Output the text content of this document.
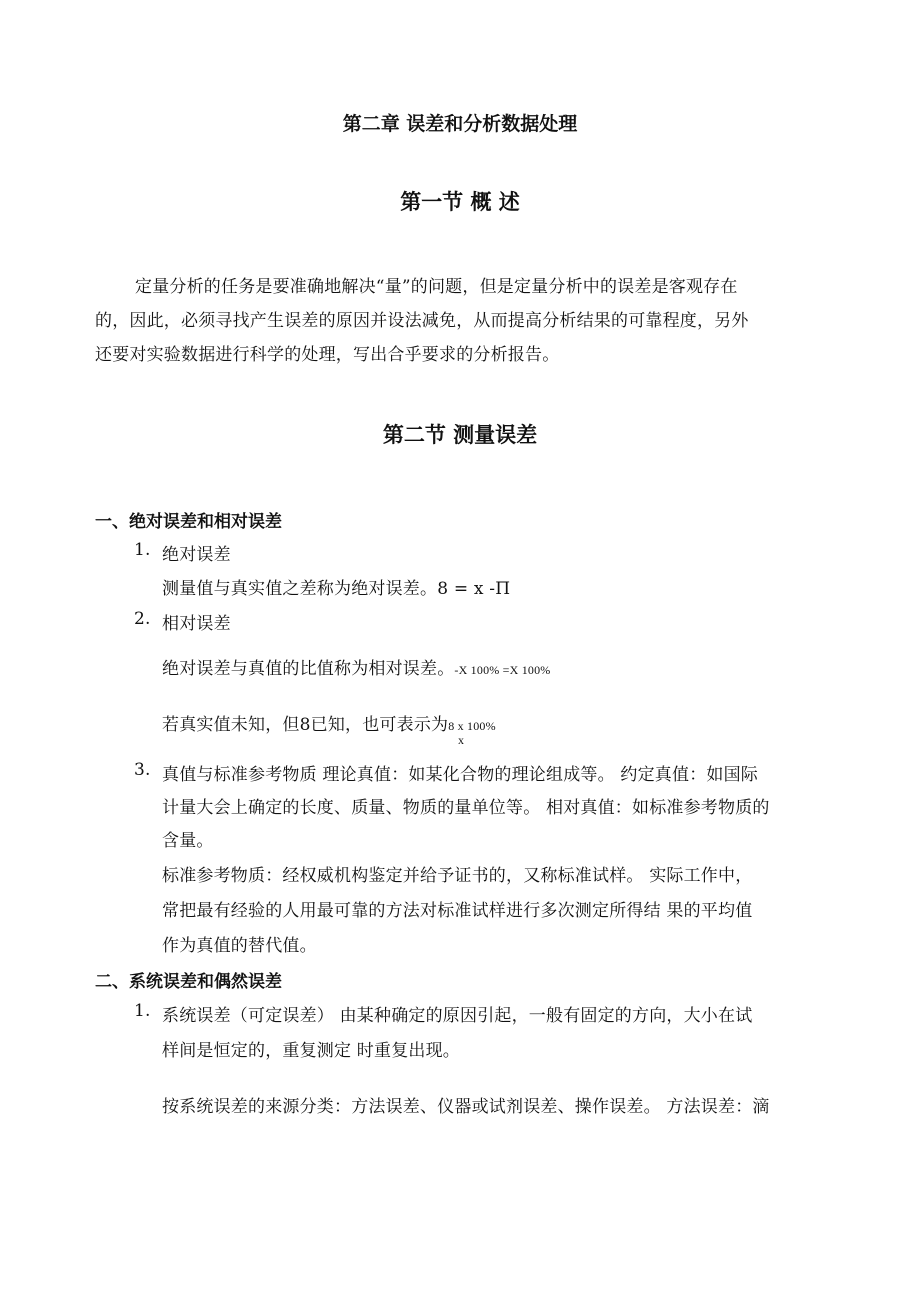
第二章 误差和分析数据处理
第一节 概 述
定量分析的任务是要准确地解决“量”的问题，但是定量分析中的误差是客观存在
的，因此，必须寻找产生误差的原因并设法减免，从而提高分析结果的可靠程度，另外
还要对实验数据进行科学的处理，写出合乎要求的分析报告。
第二节 测量误差
一、绝对误差和相对误差
1. 绝对误差
测量值与真实值之差称为绝对误差。8 = x -П
2. 相对误差
绝对误差与真值的比值称为相对误差。-X 100% =X 100%
若真实值未知，但8已知，也可表示为8 x 100%
x
3. 真值与标准参考物质 理论真值：如某化合物的理论组成等。 约定真值：如国际
计量大会上确定的长度、质量、物质的量单位等。 相对真值：如标准参考物质的
含量。
标准参考物质：经权威机构鉴定并给予证书的，又称标准试样。 实际工作中，
常把最有经验的人用最可靠的方法对标准试样进行多次测定所得结 果的平均值
作为真值的替代值。
二、系统误差和偶然误差
1. 系统误差（可定误差） 由某种确定的原因引起，一般有固定的方向，大小在试
样间是恒定的，重复测定 时重复出现。
按系统误差的来源分类：方法误差、仪器或试剂误差、操作误差。 方法误差：滴
